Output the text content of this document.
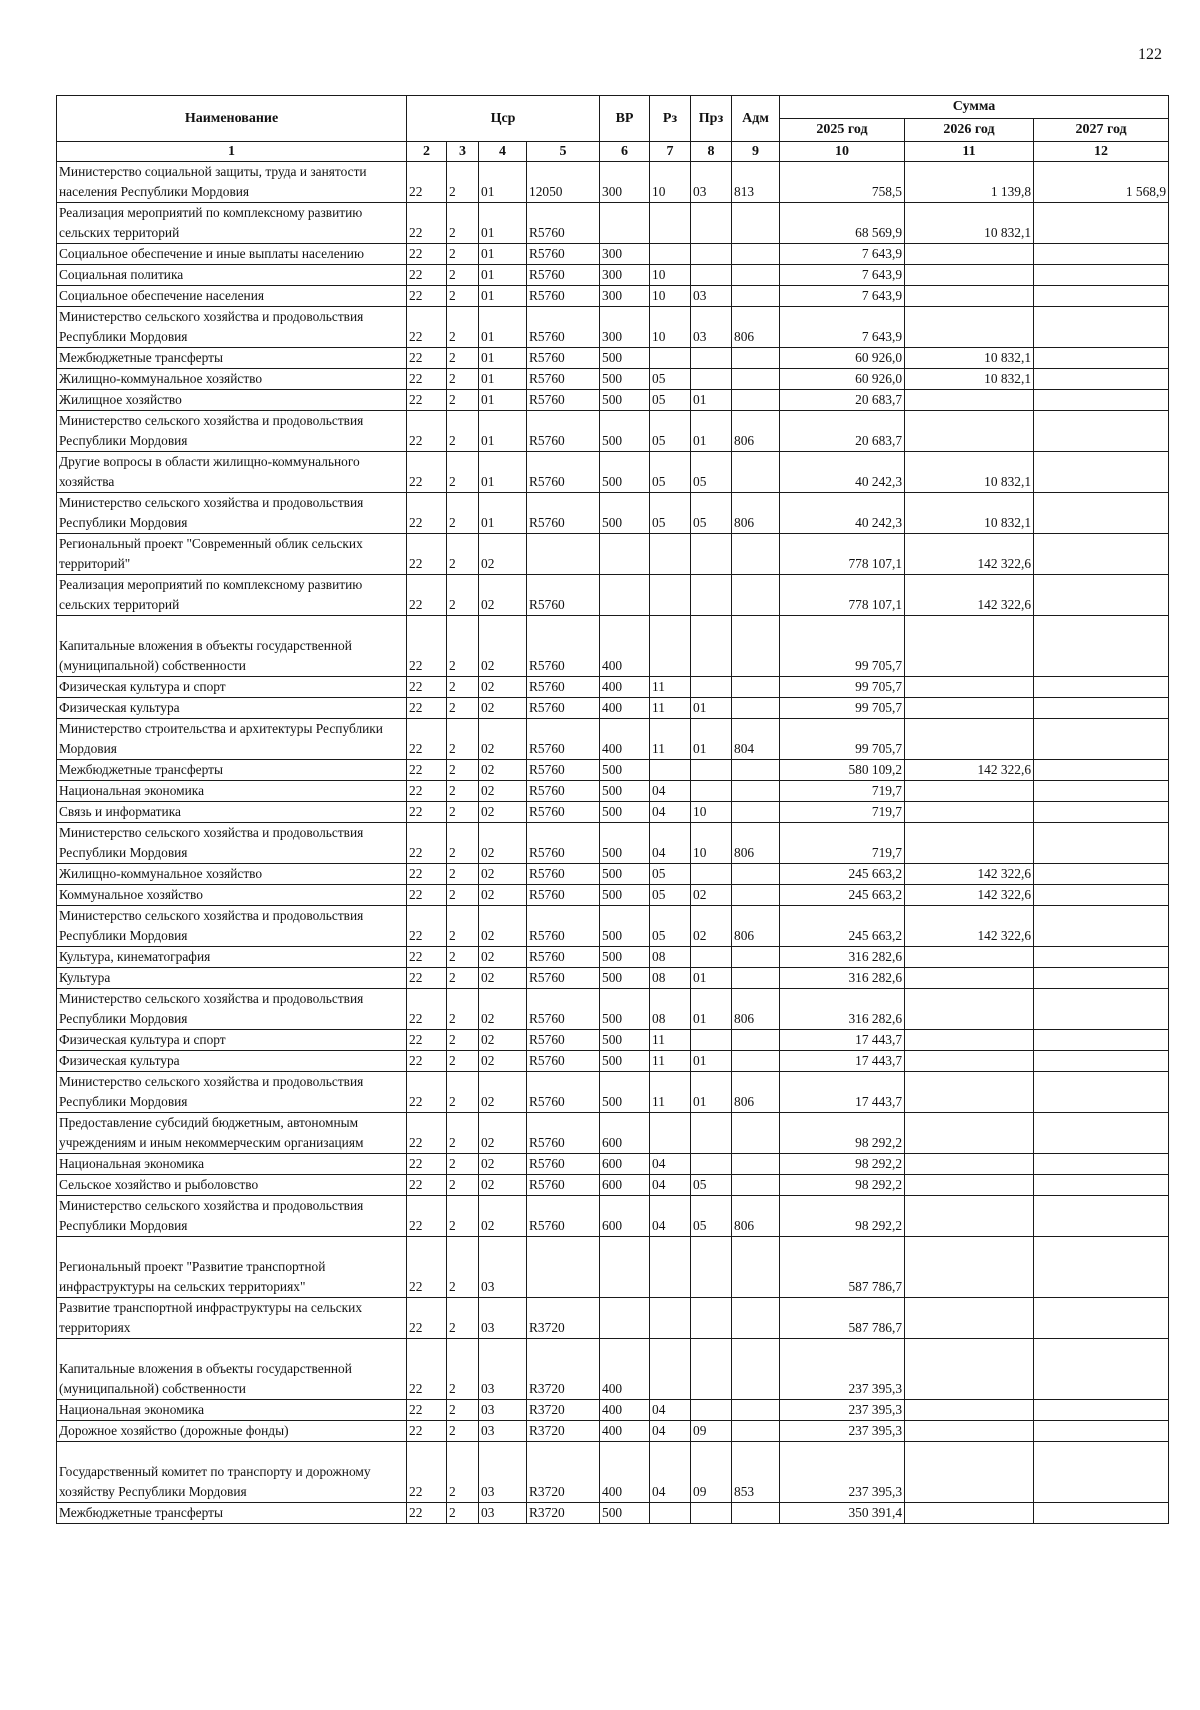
122
Наименование	Цср				ВР	Рз	Прз	Адм	Сумма		
									2025 год	2026 год	2027 год
1	2	3	4	5	6	7	8	9	10	11	12
Министерство социальной защиты, труда и занятости населения Республики Мордовия	22	2	01	12050	300	10	03	813	758,5	1 139,8	1 568,9
Реализация мероприятий по комплексному развитию сельских территорий	22	2	01	R5760					68 569,9	10 832,1	
Социальное обеспечение и иные выплаты населению	22	2	01	R5760	300				7 643,9		
Социальная политика	22	2	01	R5760	300	10			7 643,9		
Социальное обеспечение населения	22	2	01	R5760	300	10	03		7 643,9		
Министерство сельского хозяйства и продовольствия Республики Мордовия	22	2	01	R5760	300	10	03	806	7 643,9		
Межбюджетные трансферты	22	2	01	R5760	500				60 926,0	10 832,1	
Жилищно-коммунальное хозяйство	22	2	01	R5760	500	05			60 926,0	10 832,1	
Жилищное хозяйство	22	2	01	R5760	500	05	01		20 683,7		
Министерство сельского хозяйства и продовольствия Республики Мордовия	22	2	01	R5760	500	05	01	806	20 683,7		
Другие вопросы в области жилищно-коммунального хозяйства	22	2	01	R5760	500	05	05		40 242,3	10 832,1	
Министерство сельского хозяйства и продовольствия Республики Мордовия	22	2	01	R5760	500	05	05	806	40 242,3	10 832,1	
Региональный проект "Современный облик сельских территорий"	22	2	02						778 107,1	142 322,6	
Реализация мероприятий по комплексному развитию сельских территорий	22	2	02	R5760					778 107,1	142 322,6	
Капитальные вложения в объекты государственной (муниципальной) собственности	22	2	02	R5760	400				99 705,7		
Физическая культура и спорт	22	2	02	R5760	400	11			99 705,7		
Физическая культура	22	2	02	R5760	400	11	01		99 705,7		
Министерство строительства и архитектуры Республики Мордовия	22	2	02	R5760	400	11	01	804	99 705,7		
Межбюджетные трансферты	22	2	02	R5760	500				580 109,2	142 322,6	
Национальная экономика	22	2	02	R5760	500	04			719,7		
Связь и информатика	22	2	02	R5760	500	04	10		719,7		
Министерство сельского хозяйства и продовольствия Республики Мордовия	22	2	02	R5760	500	04	10	806	719,7		
Жилищно-коммунальное хозяйство	22	2	02	R5760	500	05			245 663,2	142 322,6	
Коммунальное хозяйство	22	2	02	R5760	500	05	02		245 663,2	142 322,6	
Министерство сельского хозяйства и продовольствия Республики Мордовия	22	2	02	R5760	500	05	02	806	245 663,2	142 322,6	
Культура, кинематография	22	2	02	R5760	500	08			316 282,6		
Культура	22	2	02	R5760	500	08	01		316 282,6		
Министерство сельского хозяйства и продовольствия Республики Мордовия	22	2	02	R5760	500	08	01	806	316 282,6		
Физическая культура и спорт	22	2	02	R5760	500	11			17 443,7		
Физическая культура	22	2	02	R5760	500	11	01		17 443,7		
Министерство сельского хозяйства и продовольствия Республики Мордовия	22	2	02	R5760	500	11	01	806	17 443,7		
Предоставление субсидий бюджетным, автономным учреждениям и иным некоммерческим организациям	22	2	02	R5760	600				98 292,2		
Национальная экономика	22	2	02	R5760	600	04			98 292,2		
Сельское хозяйство и рыболовство	22	2	02	R5760	600	04	05		98 292,2		
Министерство сельского хозяйства и продовольствия Республики Мордовия	22	2	02	R5760	600	04	05	806	98 292,2		
Региональный проект "Развитие транспортной инфраструктуры на сельских территориях"	22	2	03						587 786,7		
Развитие транспортной инфраструктуры на сельских территориях	22	2	03	R3720					587 786,7		
Капитальные вложения в объекты государственной (муниципальной) собственности	22	2	03	R3720	400				237 395,3		
Национальная экономика	22	2	03	R3720	400	04			237 395,3		
Дорожное хозяйство (дорожные фонды)	22	2	03	R3720	400	04	09		237 395,3		
Государственный комитет по транспорту и дорожному хозяйству Республики Мордовия	22	2	03	R3720	400	04	09	853	237 395,3		
Межбюджетные трансферты	22	2	03	R3720	500				350 391,4		
